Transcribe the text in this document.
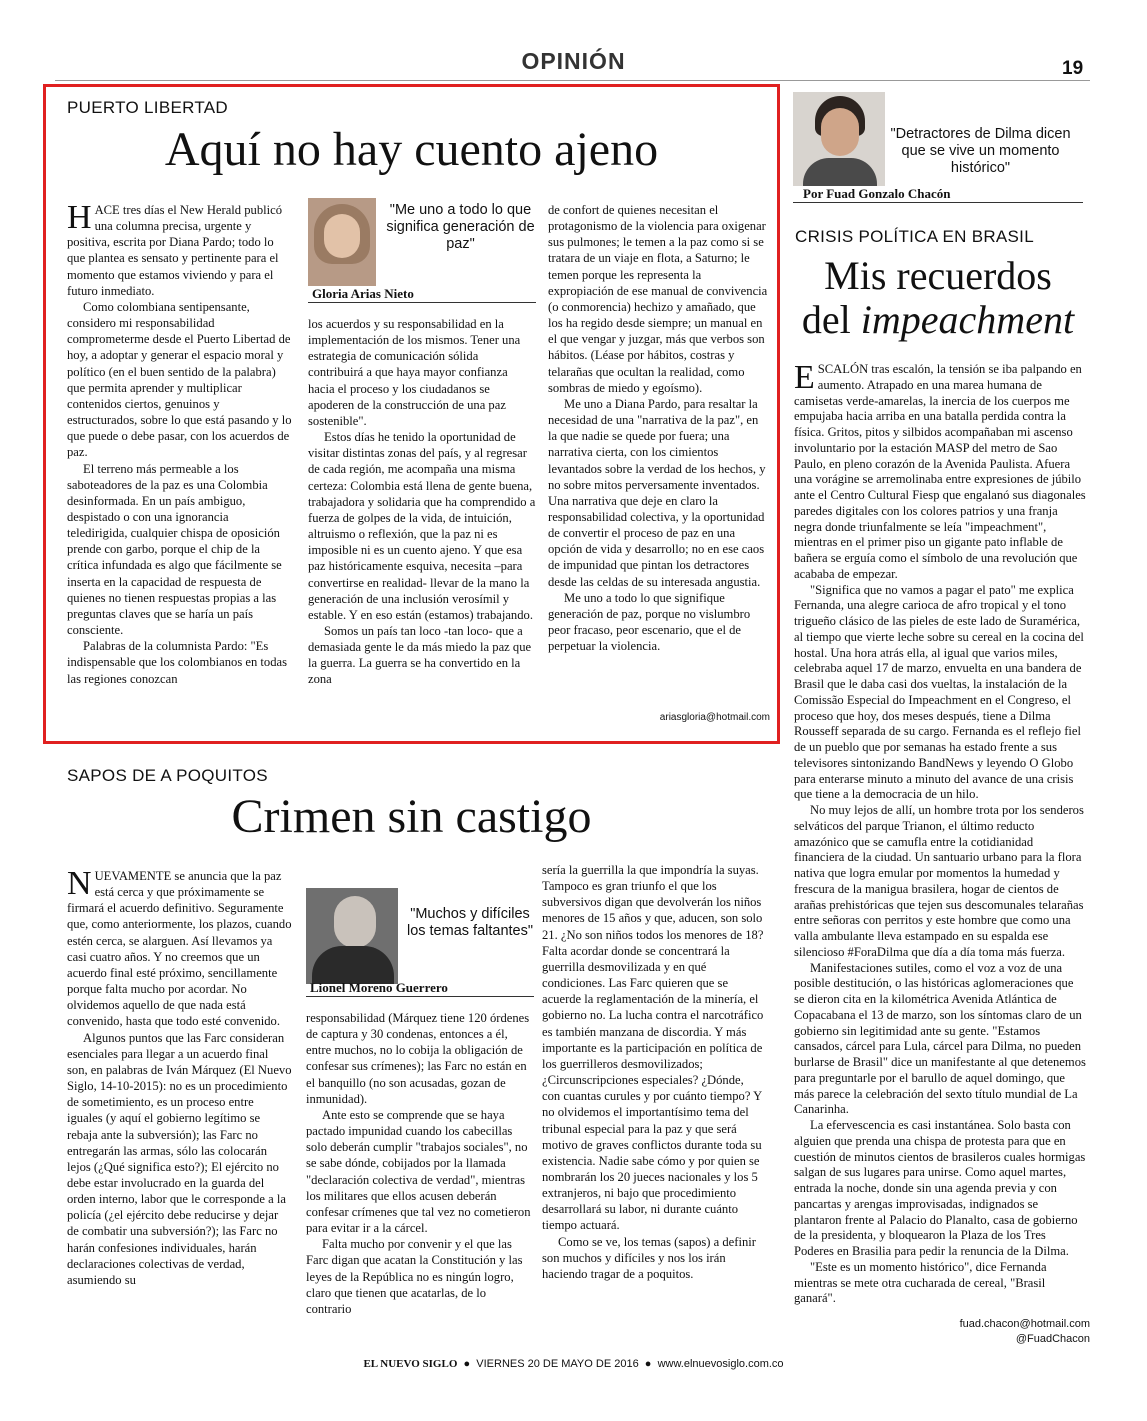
OPINIÓN	19
PUERTO LIBERTAD
Aquí no hay cuento ajeno

HACE tres días el New Herald publicó una columna precisa, urgente y positiva, escrita por Diana Pardo; todo lo que plantea es sensato y pertinente para el momento que estamos viviendo y para el futuro inmediato.

Como colombiana sentipensante, considero mi responsabilidad comprometerme desde el Puerto Libertad de hoy, a adoptar y generar el espacio moral y político (en el buen sentido de la palabra) que permita aprender y multiplicar contenidos ciertos, genuinos y estructurados, sobre lo que está pasando y lo que puede o debe pasar, con los acuerdos de paz.

El terreno más permeable a los saboteadores de la paz es una Colombia desinformada. En un país ambiguo, despistado o con una ignorancia teledirigida, cualquier chispa de oposición prende con garbo, porque el chip de la crítica infundada es algo que fácilmente se inserta en la capacidad de respuesta de quienes no tienen respuestas propias a las preguntas claves que se haría un país consciente.

Palabras de la columnista Pardo: "Es indispensable que los colombianos en todas las regiones conozcan

"Me uno a todo lo que significa generación de paz"
Gloria Arias Nieto

los acuerdos y su responsabilidad en la implementación de los mismos. Tener una estrategia de comunicación sólida contribuirá a que haya mayor confianza hacia el proceso y los ciudadanos se apoderen de la construcción de una paz sostenible".

Estos días he tenido la oportunidad de visitar distintas zonas del país, y al regresar de cada región, me acompaña una misma certeza: Colombia está llena de gente buena, trabajadora y solidaria que ha comprendido a fuerza de golpes de la vida, de intuición, altruismo o reflexión, que la paz ni es imposible ni es un cuento ajeno. Y que esa paz históricamente esquiva, necesita –para convertirse en realidad- llevar de la mano la generación de una inclusión verosímil y estable. Y en eso están (estamos) trabajando.

Somos un país tan loco -tan loco- que a demasiada gente le da más miedo la paz que la guerra. La guerra se ha convertido en la zona

de confort de quienes necesitan el protagonismo de la violencia para oxigenar sus pulmones; le temen a la paz como si se tratara de un viaje en flota, a Saturno; le temen porque les representa la expropiación de ese manual de convivencia (o conmorencia) hechizo y amañado, que los ha regido desde siempre; un manual en el que vengar y juzgar, más que verbos son hábitos. (Léase por hábitos, costras y telarañas que ocultan la realidad, como sombras de miedo y egoísmo).

Me uno a Diana Pardo, para resaltar la necesidad de una "narrativa de la paz", en la que nadie se quede por fuera; una narrativa cierta, con los cimientos levantados sobre la verdad de los hechos, y no sobre mitos perversamente inventados. Una narrativa que deje en claro la responsabilidad colectiva, y la oportunidad de convertir el proceso de paz en una opción de vida y desarrollo; no en ese caos de impunidad que pintan los detractores desde las celdas de su interesada angustia.

Me uno a todo lo que signifique generación de paz, porque no vislumbro peor fracaso, peor escenario, que el de perpetuar la violencia.

ariasgloria@hotmail.com
SAPOS DE A POQUITOS
Crimen sin castigo

NUEVAMENTE se anuncia que la paz está cerca y que próximamente se firmará el acuerdo definitivo. Seguramente que, como anteriormente, los plazos, cuando estén cerca, se alarguen. Así llevamos ya casi cuatro años. Y no creemos que un acuerdo final esté próximo, sencillamente porque falta mucho por acordar. No olvidemos aquello de que nada está convenido, hasta que todo esté convenido.

Algunos puntos que las Farc consideran esenciales para llegar a un acuerdo final son, en palabras de Iván Márquez (El Nuevo Siglo, 14-10-2015): no es un procedimiento de sometimiento, es un proceso entre iguales (y aquí el gobierno legítimo se rebaja ante la subversión); las Farc no entregarán las armas, sólo las colocarán lejos (¿Qué significa esto?); El ejército no debe estar involucrado en la guarda del orden interno, labor que le corresponde a la policía (¿el ejército debe reducirse y dejar de combatir una subversión?); las Farc no harán confesiones individuales, harán declaraciones colectivas de verdad, asumiendo su

"Muchos y difíciles los temas faltantes"
Lionel Moreno Guerrero

responsabilidad (Márquez tiene 120 órdenes de captura y 30 condenas, entonces a él, entre muchos, no lo cobija la obligación de confesar sus crímenes); las Farc no están en el banquillo (no son acusadas, gozan de inmunidad).

Ante esto se comprende que se haya pactado impunidad cuando los cabecillas solo deberán cumplir "trabajos sociales", no se sabe dónde, cobijados por la llamada "declaración colectiva de verdad", mientras los militares que ellos acusen deberán confesar crímenes que tal vez no cometieron para evitar ir a la cárcel.

Falta mucho por convenir y el que las Farc digan que acatan la Constitución y las leyes de la República no es ningún logro, claro que tienen que acatarlas, de lo contrario

sería la guerrilla la que impondría la suyas. Tampoco es gran triunfo el que los subversivos digan que devolverán los niños menores de 15 años y que, aducen, son solo 21. ¿No son niños todos los menores de 18? Falta acordar donde se concentrará la guerrilla desmovilizada y en qué condiciones. Las Farc quieren que se acuerde la reglamentación de la minería, el gobierno no. La lucha contra el narcotráfico es también manzana de discordia. Y más importante es la participación en política de los guerrilleros desmovilizados; ¿Circunscripciones especiales? ¿Dónde, con cuantas curules y por cuánto tiempo? Y no olvidemos el importantísimo tema del tribunal especial para la paz y que será motivo de graves conflictos durante toda su existencia. Nadie sabe cómo y por quien se nombrarán los 20 jueces nacionales y los 5 extranjeros, ni bajo que procedimiento desarrollará su labor, ni durante cuánto tiempo actuará.

Como se ve, los temas (sapos) a definir son muchos y difíciles y nos los irán haciendo tragar de a poquitos.

"Detractores de Dilma dicen que se vive un momento histórico"
Por Fuad Gonzalo Chacón
CRISIS POLÍTICA EN BRASIL
Mis recuerdos
del impeachment

ESCALÓN tras escalón, la tensión se iba palpando en aumento. Atrapado en una marea humana de camisetas verde-amarelas, la inercia de los cuerpos me empujaba hacia arriba en una batalla perdida contra la física. Gritos, pitos y silbidos acompañaban mi ascenso involuntario por la estación MASP del metro de Sao Paulo, en pleno corazón de la Avenida Paulista. Afuera una vorágine se arremolinaba entre expresiones de júbilo ante el Centro Cultural Fiesp que engalanó sus diagonales paredes digitales con los colores patrios y una franja negra donde triunfalmente se leía "impeachment", mientras en el primer piso un gigante pato inflable de bañera se erguía como el símbolo de una revolución que acababa de empezar.

"Significa que no vamos a pagar el pato" me explica Fernanda, una alegre carioca de afro tropical y el tono trigueño clásico de las pieles de este lado de Suramérica, al tiempo que vierte leche sobre su cereal en la cocina del hostal. Una hora atrás ella, al igual que varios miles, celebraba aquel 17 de marzo, envuelta en una bandera de Brasil que le daba casi dos vueltas, la instalación de la Comissão Especial do Impeachment en el Congreso, el proceso que hoy, dos meses después, tiene a Dilma Rousseff separada de su cargo. Fernanda es el reflejo fiel de un pueblo que por semanas ha estado frente a sus televisores sintonizando BandNews y leyendo O Globo para enterarse minuto a minuto del avance de una crisis que tiene a la democracia de un hilo.

No muy lejos de allí, un hombre trota por los senderos selváticos del parque Trianon, el último reducto amazónico que se camufla entre la cotidianidad financiera de la ciudad. Un santuario urbano para la flora nativa que logra emular por momentos la humedad y frescura de la manigua brasilera, hogar de cientos de arañas prehistóricas que tejen sus descomunales telarañas entre señoras con perritos y este hombre que como una valla ambulante lleva estampado en su espalda ese silencioso #ForaDilma que día a día toma más fuerza.

Manifestaciones sutiles, como el voz a voz de una posible destitución, o las históricas aglomeraciones que se dieron cita en la kilométrica Avenida Atlántica de Copacabana el 13 de marzo, son los síntomas claro de un gobierno sin legitimidad ante su gente. "Estamos cansados, cárcel para Lula, cárcel para Dilma, no pueden burlarse de Brasil" dice un manifestante al que detenemos para preguntarle por el barullo de aquel domingo, que más parece la celebración del sexto título mundial de La Canarinha.

La efervescencia es casi instantánea. Solo basta con alguien que prenda una chispa de protesta para que en cuestión de minutos cientos de brasileros cuales hormigas salgan de sus lugares para unirse. Como aquel martes, entrada la noche, donde sin una agenda previa y con pancartas y arengas improvisadas, indignados se plantaron frente al Palacio do Planalto, casa de gobierno de la presidenta, y bloquearon la Plaza de los Tres Poderes en Brasilia para pedir la renuncia de la Dilma.

"Este es un momento histórico", dice Fernanda mientras se mete otra cucharada de cereal, "Brasil ganará".

fuad.chacon@hotmail.com
@FuadChacon
EL NUEVO SIGLO  ●  VIERNES 20 DE MAYO DE 2016  ●  www.elnuevosiglo.com.co
